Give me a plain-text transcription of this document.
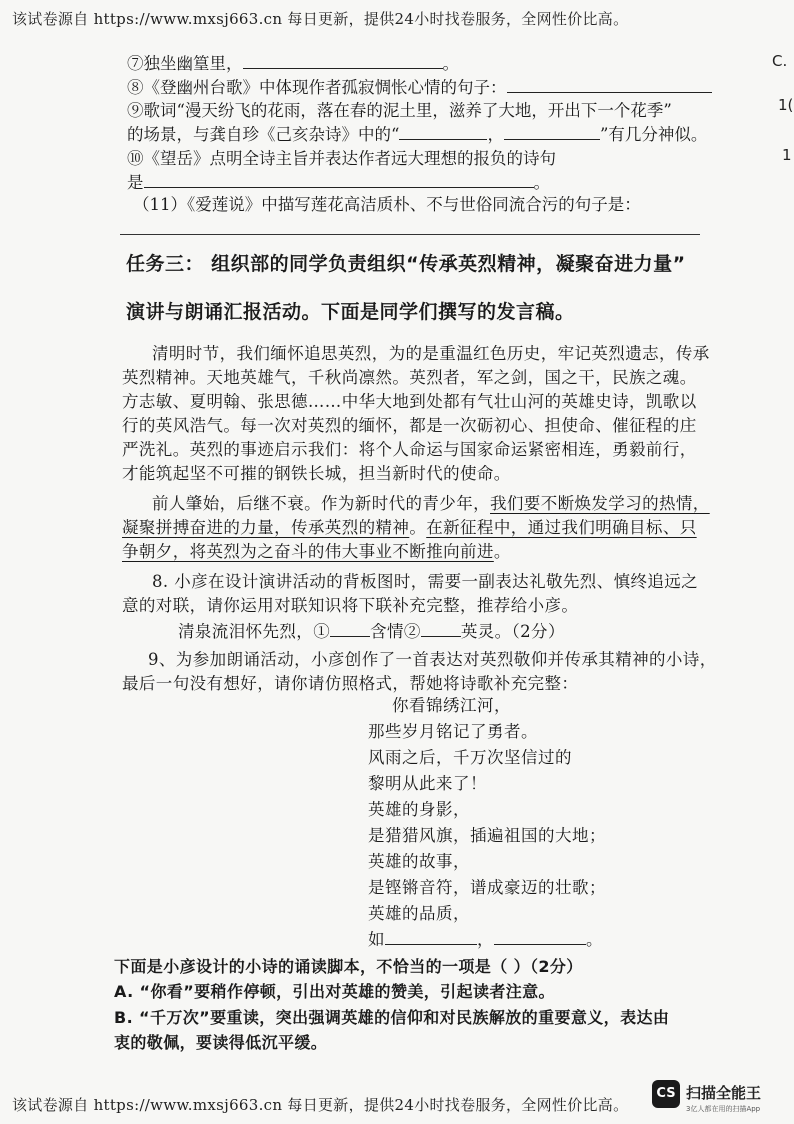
该试卷源自 https://www.mxsj663.cn 每日更新，提供24小时找卷服务，全网性价比高。
C.
1(
1
⑦独坐幽篁里，	。
⑧《登幽州台歌》中体现作者孤寂惆怅心情的句子：
⑨歌词“漫天纷飞的花雨，落在春的泥土里，滋养了大地，开出下一个花季”
的场景，与龚自珍《己亥杂诗》中的“	，	”有几分神似。
⑩《望岳》点明全诗主旨并表达作者远大理想的报负的诗句
是	。
（11）《爱莲说》中描写莲花高洁质朴、不与世俗同流合污的句子是：
任务三： 组织部的同学负责组织“传承英烈精神，凝聚奋进力量”
演讲与朗诵汇报活动。下面是同学们撰写的发言稿。
清明时节，我们缅怀追思英烈，为的是重温红色历史，牢记英烈遗志，传承
英烈精神。天地英雄气，千秋尚凛然。英烈者，军之剑，国之干，民族之魂。
方志敏、夏明翰、张思德……中华大地到处都有气壮山河的英雄史诗，凯歌以
行的英风浩气。每一次对英烈的缅怀，都是一次砺初心、担使命、催征程的庄
严洗礼。英烈的事迹启示我们：将个人命运与国家命运紧密相连，勇毅前行，
才能筑起坚不可摧的钢铁长城，担当新时代的使命。
前人肇始，后继不衰。作为新时代的青少年，我们要不断焕发学习的热情，
凝聚拼搏奋进的力量，传承英烈的精神。在新征程中，通过我们明确目标、只
争朝夕，将英烈为之奋斗的伟大事业不断推向前进。
8. 小彦在设计演讲活动的背板图时，需要一副表达礼敬先烈、慎终追远之
意的对联，请你运用对联知识将下联补充完整，推荐给小彦。
清泉流泪怀先烈，① 含情② 英灵。（2分）
9、为参加朗诵活动，小彦创作了一首表达对英烈敬仰并传承其精神的小诗，
最后一句没有想好，请你请仿照格式，帮她将诗歌补充完整：
你看锦绣江河，
那些岁月铭记了勇者。
风雨之后，千万次坚信过的
黎明从此来了！
英雄的身影，
是猎猎风旗，插遍祖国的大地；
英雄的故事，
是铿锵音符，谱成豪迈的壮歌；
英雄的品质，
如	，	。
下面是小彦设计的小诗的诵读脚本，不恰当的一项是（ ）（2分）
A. “你看”要稍作停顿，引出对英雄的赞美，引起读者注意。
B. “千万次”要重读，突出强调英雄的信仰和对民族解放的重要意义，表达由
衷的敬佩，要读得低沉平缓。
该试卷源自 https://www.mxsj663.cn 每日更新，提供24小时找卷服务，全网性价比高。
CS 扫描全能王
3亿人都在用的扫描App
